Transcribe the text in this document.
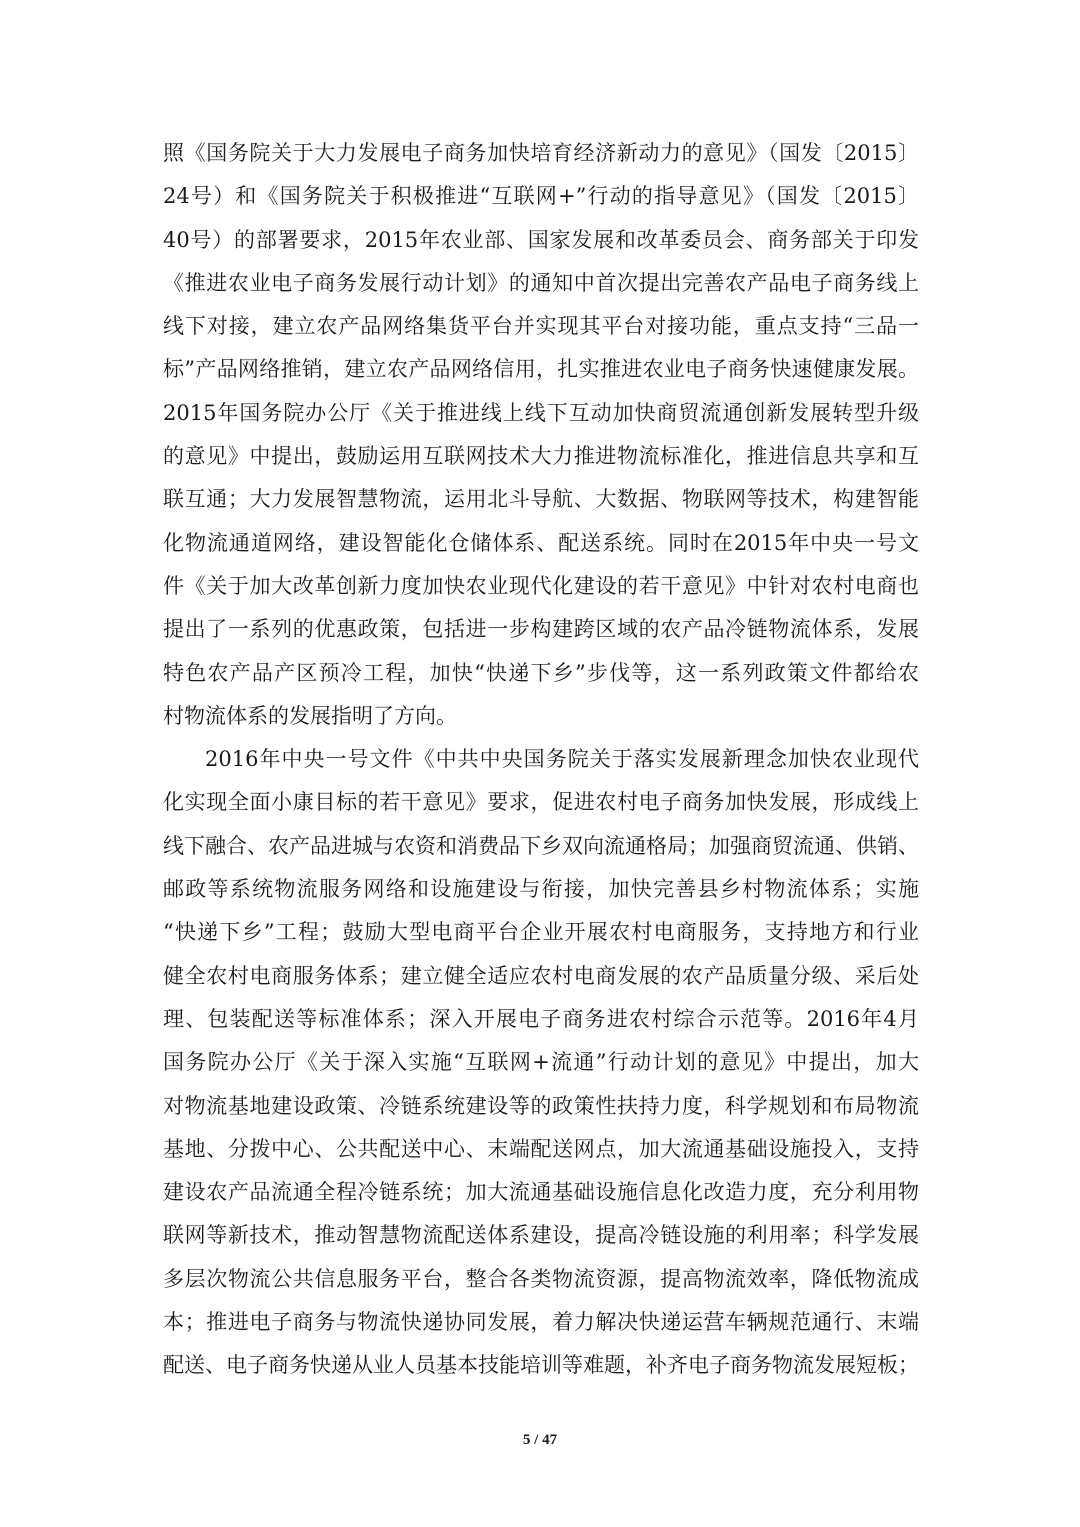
照《国务院关于大力发展电子商务加快培育经济新动力的意见》（国发〔2015〕
24号）和《国务院关于积极推进“互联网+”行动的指导意见》（国发〔2015〕
40号）的部署要求，2015年农业部、国家发展和改革委员会、商务部关于印发
《推进农业电子商务发展行动计划》的通知中首次提出完善农产品电子商务线上
线下对接，建立农产品网络集货平台并实现其平台对接功能，重点支持“三品一
标”产品网络推销，建立农产品网络信用，扎实推进农业电子商务快速健康发展。
2015年国务院办公厅《关于推进线上线下互动加快商贸流通创新发展转型升级
的意见》中提出，鼓励运用互联网技术大力推进物流标准化，推进信息共享和互
联互通；大力发展智慧物流，运用北斗导航、大数据、物联网等技术，构建智能
化物流通道网络，建设智能化仓储体系、配送系统。同时在2015年中央一号文
件《关于加大改革创新力度加快农业现代化建设的若干意见》中针对农村电商也
提出了一系列的优惠政策，包括进一步构建跨区域的农产品冷链物流体系，发展
特色农产品产区预冷工程，加快“快递下乡”步伐等，这一系列政策文件都给农
村物流体系的发展指明了方向。
2016年中央一号文件《中共中央国务院关于落实发展新理念加快农业现代
化实现全面小康目标的若干意见》要求，促进农村电子商务加快发展，形成线上
线下融合、农产品进城与农资和消费品下乡双向流通格局；加强商贸流通、供销、
邮政等系统物流服务网络和设施建设与衔接，加快完善县乡村物流体系；实施
“快递下乡”工程；鼓励大型电商平台企业开展农村电商服务，支持地方和行业
健全农村电商服务体系；建立健全适应农村电商发展的农产品质量分级、采后处
理、包装配送等标准体系；深入开展电子商务进农村综合示范等。2016年4月
国务院办公厅《关于深入实施“互联网+流通”行动计划的意见》中提出，加大
对物流基地建设政策、冷链系统建设等的政策性扶持力度，科学规划和布局物流
基地、分拨中心、公共配送中心、末端配送网点，加大流通基础设施投入，支持
建设农产品流通全程冷链系统；加大流通基础设施信息化改造力度，充分利用物
联网等新技术，推动智慧物流配送体系建设，提高冷链设施的利用率；科学发展
多层次物流公共信息服务平台，整合各类物流资源，提高物流效率，降低物流成
本；推进电子商务与物流快递协同发展，着力解决快递运营车辆规范通行、末端
配送、电子商务快递从业人员基本技能培训等难题，补齐电子商务物流发展短板；
5 / 47
